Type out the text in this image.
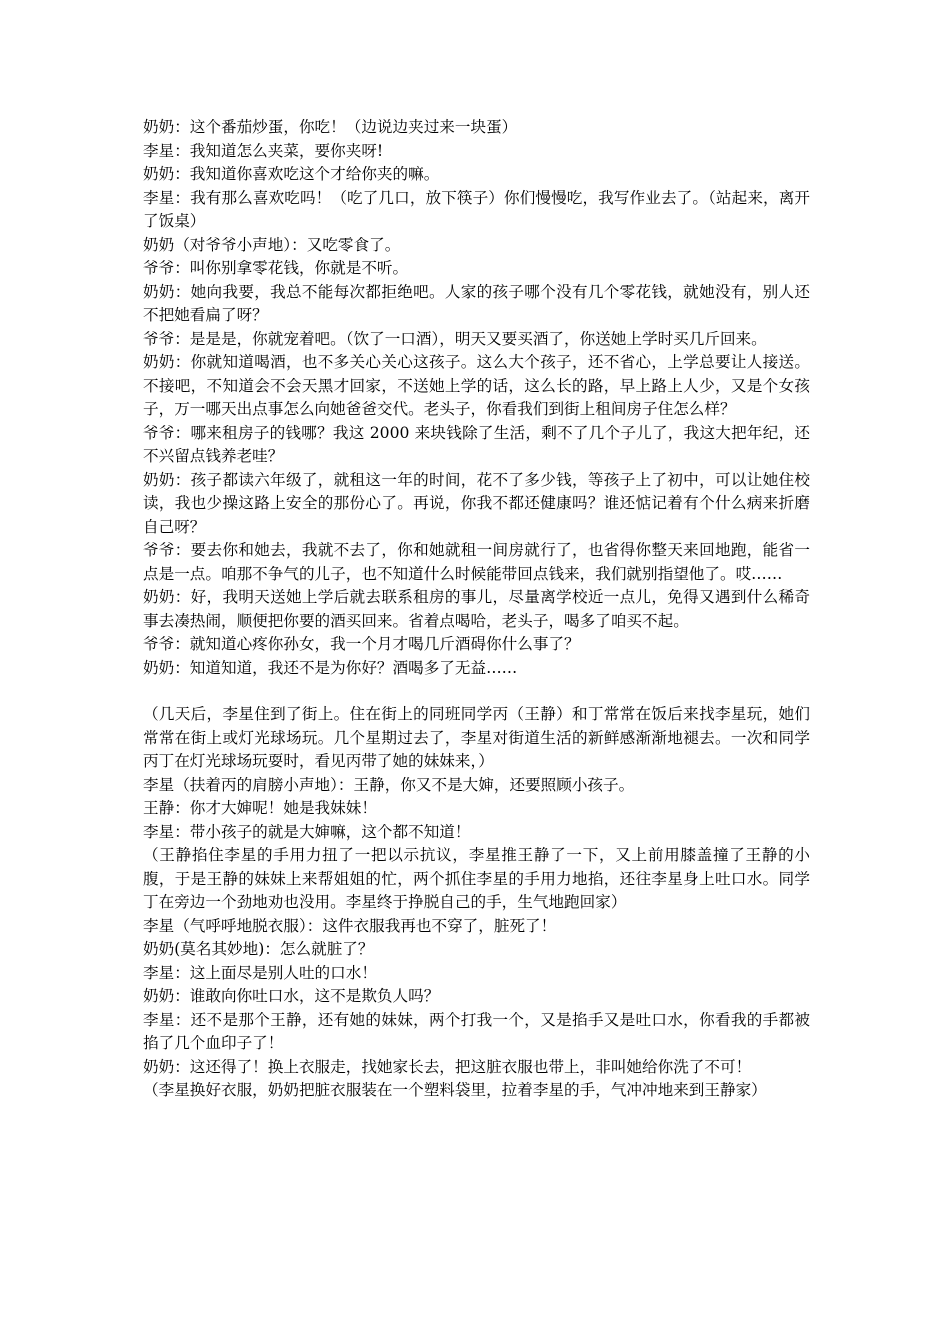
奶奶：这个番茄炒蛋，你吃！（边说边夹过来一块蛋）

李星：我知道怎么夹菜，要你夹呀!

奶奶：我知道你喜欢吃这个才给你夹的嘛。

李星：我有那么喜欢吃吗！（吃了几口，放下筷子）你们慢慢吃，我写作业去了。（站起来，离开了饭桌）

奶奶（对爷爷小声地）：又吃零食了。

爷爷：叫你别拿零花钱，你就是不听。

奶奶：她向我要，我总不能每次都拒绝吧。人家的孩子哪个没有几个零花钱，就她没有，别人还不把她看扁了呀？

爷爷：是是是，你就宠着吧。（饮了一口酒），明天又要买酒了，你送她上学时买几斤回来。

奶奶：你就知道喝酒，也不多关心关心这孩子。这么大个孩子，还不省心，上学总要让人接送。不接吧，不知道会不会天黑才回家，不送她上学的话，这么长的路，早上路上人少，又是个女孩子，万一哪天出点事怎么向她爸爸交代。老头子，你看我们到街上租间房子住怎么样？

爷爷：哪来租房子的钱哪？我这 2000 来块钱除了生活，剩不了几个子儿了，我这大把年纪，还不兴留点钱养老哇？

奶奶：孩子都读六年级了，就租这一年的时间，花不了多少钱，等孩子上了初中，可以让她住校读，我也少操这路上安全的那份心了。再说，你我不都还健康吗？谁还惦记着有个什么病来折磨自己呀？

爷爷：要去你和她去，我就不去了，你和她就租一间房就行了，也省得你整天来回地跑，能省一点是一点。咱那不争气的儿子，也不知道什么时候能带回点钱来，我们就别指望他了。哎……

奶奶：好，我明天送她上学后就去联系租房的事儿，尽量离学校近一点儿，免得又遇到什么稀奇事去凑热闹，顺便把你要的酒买回来。省着点喝哈，老头子，喝多了咱买不起。

爷爷：就知道心疼你孙女，我一个月才喝几斤酒碍你什么事了？

奶奶：知道知道，我还不是为你好？酒喝多了无益……

（几天后，李星住到了街上。住在街上的同班同学丙（王静）和丁常常在饭后来找李星玩，她们常常在街上或灯光球场玩。几个星期过去了，李星对街道生活的新鲜感渐渐地褪去。一次和同学丙丁在灯光球场玩耍时，看见丙带了她的妹妹来，）

李星（扶着丙的肩膀小声地）：王静，你又不是大婶，还要照顾小孩子。

王静：你才大婶呢！她是我妹妹！

李星：带小孩子的就是大婶嘛，这个都不知道！

（王静掐住李星的手用力扭了一把以示抗议，李星推王静了一下，又上前用膝盖撞了王静的小腹，于是王静的妹妹上来帮姐姐的忙，两个抓住李星的手用力地掐，还往李星身上吐口水。同学丁在旁边一个劲地劝也没用。李星终于挣脱自己的手，生气地跑回家）

李星（气呼呼地脱衣服）：这件衣服我再也不穿了，脏死了！

奶奶(莫名其妙地)：怎么就脏了？

李星：这上面尽是别人吐的口水！

奶奶：谁敢向你吐口水，这不是欺负人吗？

李星：还不是那个王静，还有她的妹妹，两个打我一个，又是掐手又是吐口水，你看我的手都被掐了几个血印子了！

奶奶：这还得了！换上衣服走，找她家长去，把这脏衣服也带上，非叫她给你洗了不可！

（李星换好衣服，奶奶把脏衣服装在一个塑料袋里，拉着李星的手，气冲冲地来到王静家）
